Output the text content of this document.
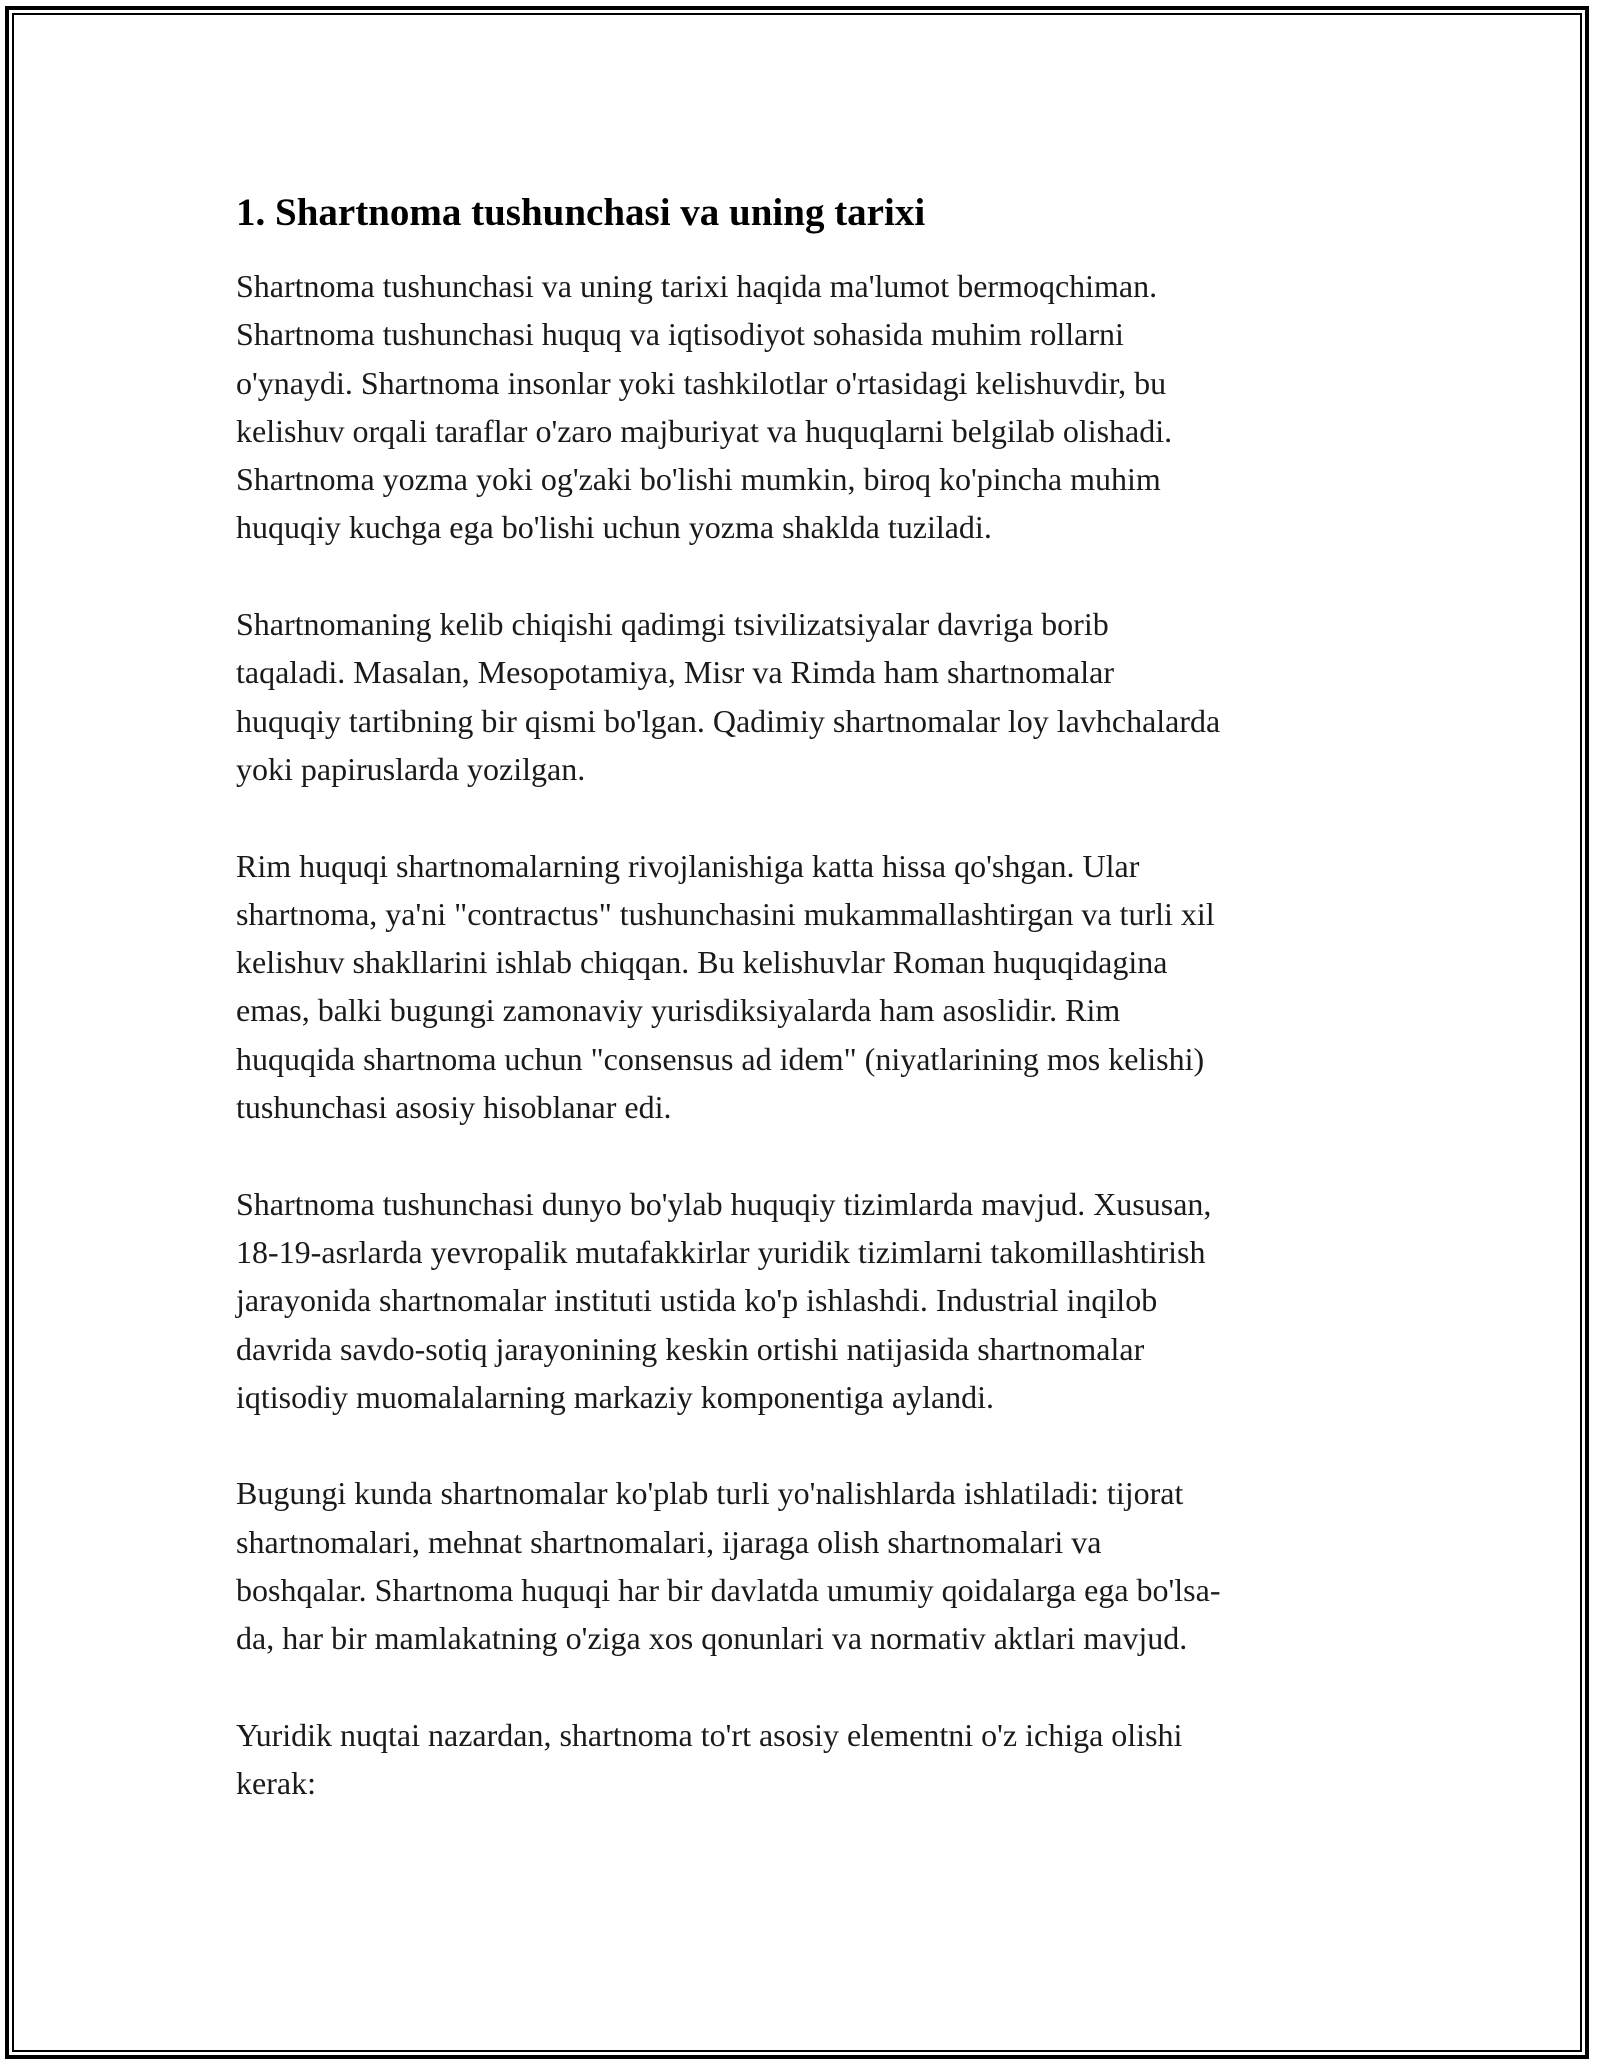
1. Shartnoma tushunchasi va uning tarixi

Shartnoma tushunchasi va uning tarixi haqida ma'lumot bermoqchiman.
Shartnoma tushunchasi huquq va iqtisodiyot sohasida muhim rollarni
o'ynaydi. Shartnoma insonlar yoki tashkilotlar o'rtasidagi kelishuvdir, bu
kelishuv orqali taraflar o'zaro majburiyat va huquqlarni belgilab olishadi.
Shartnoma yozma yoki og'zaki bo'lishi mumkin, biroq ko'pincha muhim
huquqiy kuchga ega bo'lishi uchun yozma shaklda tuziladi.

Shartnomaning kelib chiqishi qadimgi tsivilizatsiyalar davriga borib
taqaladi. Masalan, Mesopotamiya, Misr va Rimda ham shartnomalar
huquqiy tartibning bir qismi bo'lgan. Qadimiy shartnomalar loy lavhchalarda
yoki papiruslarda yozilgan.

Rim huquqi shartnomalarning rivojlanishiga katta hissa qo'shgan. Ular
shartnoma, ya'ni "contractus" tushunchasini mukammallashtirgan va turli xil
kelishuv shakllarini ishlab chiqqan. Bu kelishuvlar Roman huquqidagina
emas, balki bugungi zamonaviy yurisdiksiyalarda ham asoslidir. Rim
huquqida shartnoma uchun "consensus ad idem" (niyatlarining mos kelishi)
tushunchasi asosiy hisoblanar edi.

Shartnoma tushunchasi dunyo bo'ylab huquqiy tizimlarda mavjud. Xususan,
18-19-asrlarda yevropalik mutafakkirlar yuridik tizimlarni takomillashtirish
jarayonida shartnomalar instituti ustida ko'p ishlashdi. Industrial inqilob
davrida savdo-sotiq jarayonining keskin ortishi natijasida shartnomalar
iqtisodiy muomalalarning markaziy komponentiga aylandi.

Bugungi kunda shartnomalar ko'plab turli yo'nalishlarda ishlatiladi: tijorat
shartnomalari, mehnat shartnomalari, ijaraga olish shartnomalari va
boshqalar. Shartnoma huquqi har bir davlatda umumiy qoidalarga ega bo'lsa-
da, har bir mamlakatning o'ziga xos qonunlari va normativ aktlari mavjud.

Yuridik nuqtai nazardan, shartnoma to'rt asosiy elementni o'z ichiga olishi
kerak:
